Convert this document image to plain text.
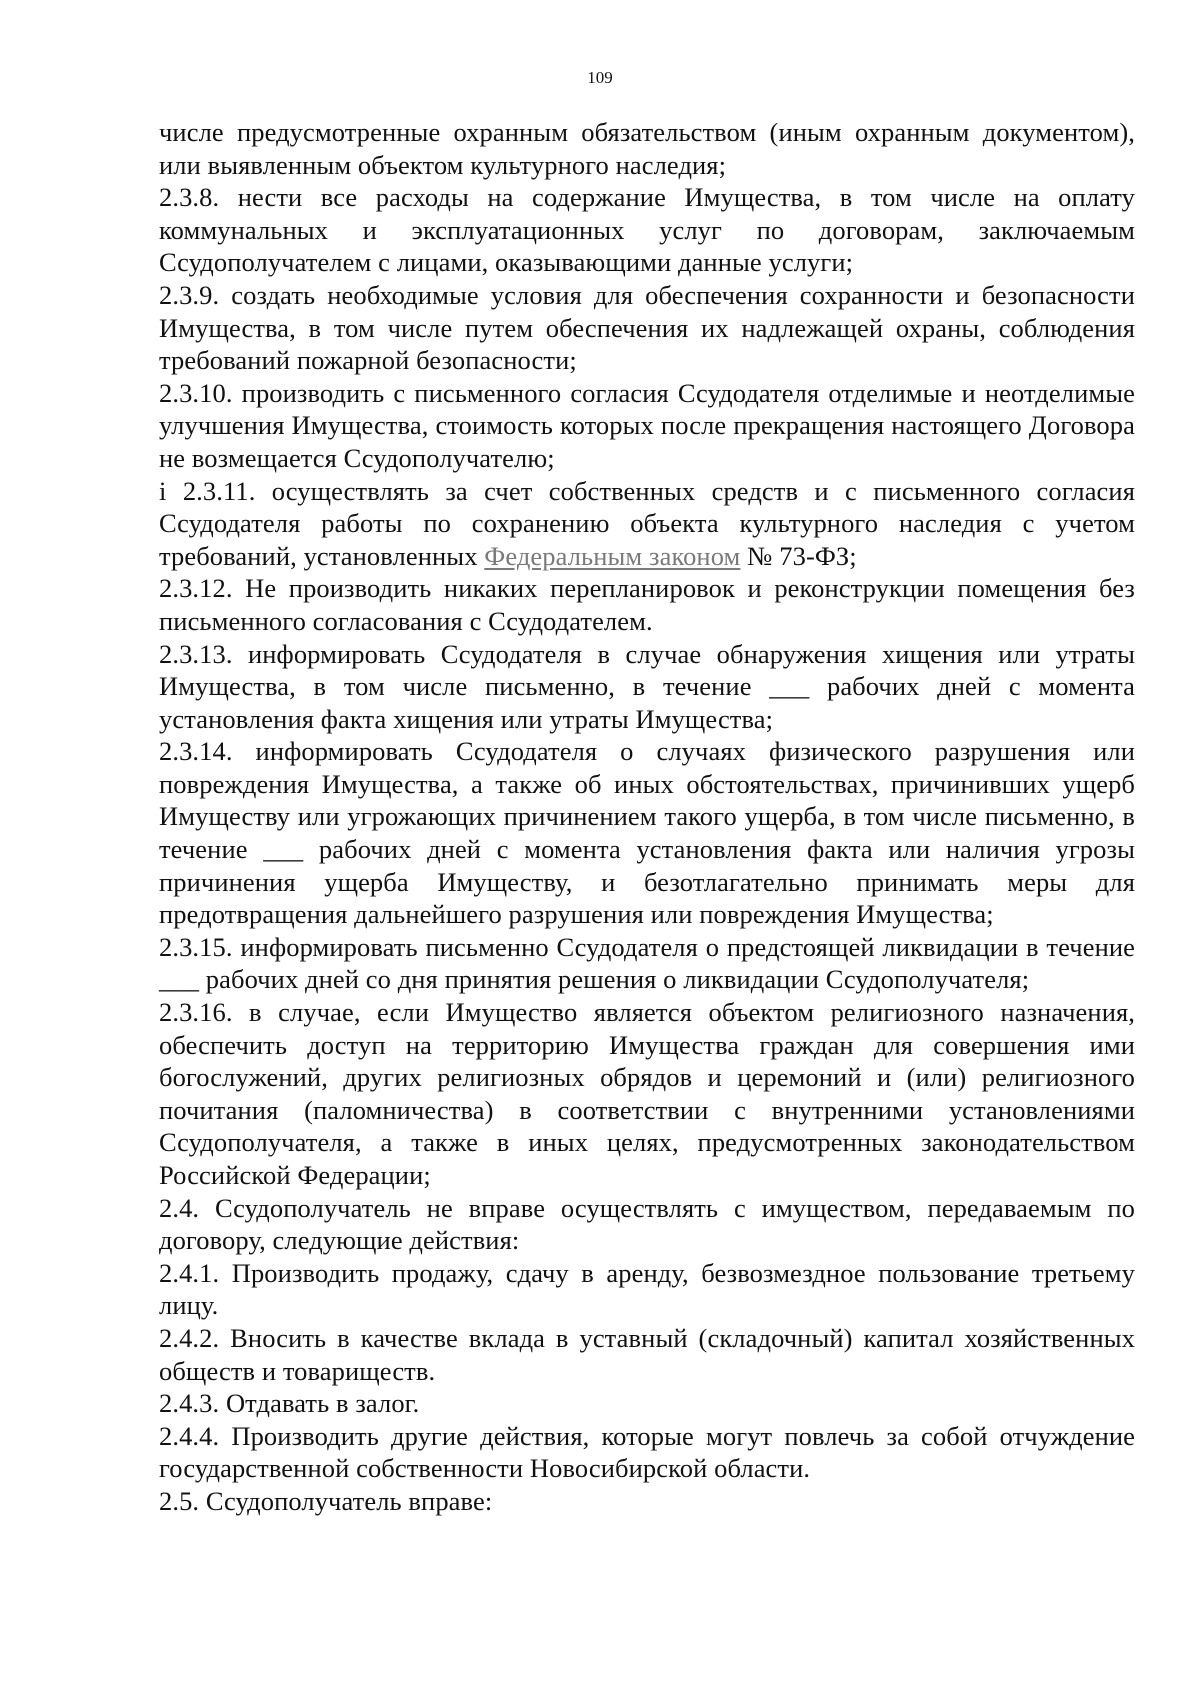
109

числе предусмотренные охранным обязательством (иным охранным документом), или выявленным объектом культурного наследия;

2.3.8. нести все расходы на содержание Имущества, в том числе на оплату коммунальных и эксплуатационных услуг по договорам, заключаемым Ссудополучателем с лицами, оказывающими данные услуги;

2.3.9. создать необходимые условия для обеспечения сохранности и безопасности Имущества, в том числе путем обеспечения их надлежащей охраны, соблюдения требований пожарной безопасности;

2.3.10. производить с письменного согласия Ссудодателя отделимые и неотделимые улучшения Имущества, стоимость которых после прекращения настоящего Договора не возмещается Ссудополучателю;

і 2.3.11. осуществлять за счет собственных средств и с письменного согласия Ссудодателя работы по сохранению объекта культурного наследия с учетом требований, установленных Федеральным законом № 73-ФЗ;

2.3.12. Не производить никаких перепланировок и реконструкции помещения без письменного согласования с Ссудодателем.

2.3.13. информировать Ссудодателя в случае обнаружения хищения или утраты Имущества, в том числе письменно, в течение ___ рабочих дней с момента установления факта хищения или утраты Имущества;

2.3.14. информировать Ссудодателя о случаях физического разрушения или повреждения Имущества, а также об иных обстоятельствах, причинивших ущерб Имуществу или угрожающих причинением такого ущерба, в том числе письменно, в течение ___ рабочих дней с момента установления факта или наличия угрозы причинения ущерба Имуществу, и безотлагательно принимать меры для предотвращения дальнейшего разрушения или повреждения Имущества;

2.3.15. информировать письменно Ссудодателя о предстоящей ликвидации в течение ___ рабочих дней со дня принятия решения о ликвидации Ссудополучателя;

2.3.16. в случае, если Имущество является объектом религиозного назначения, обеспечить доступ на территорию Имущества граждан для совершения ими богослужений, других религиозных обрядов и церемоний и (или) религиозного почитания (паломничества) в соответствии с внутренними установлениями Ссудополучателя, а также в иных целях, предусмотренных законодательством Российской Федерации;

2.4. Ссудополучатель не вправе осуществлять с имуществом, передаваемым по договору, следующие действия:

2.4.1. Производить продажу, сдачу в аренду, безвозмездное пользование третьему лицу.

2.4.2. Вносить в качестве вклада в уставный (складочный) капитал хозяйственных обществ и товариществ.

2.4.3. Отдавать в залог.

2.4.4. Производить другие действия, которые могут повлечь за собой отчуждение государственной собственности Новосибирской области.

2.5. Ссудополучатель вправе:
